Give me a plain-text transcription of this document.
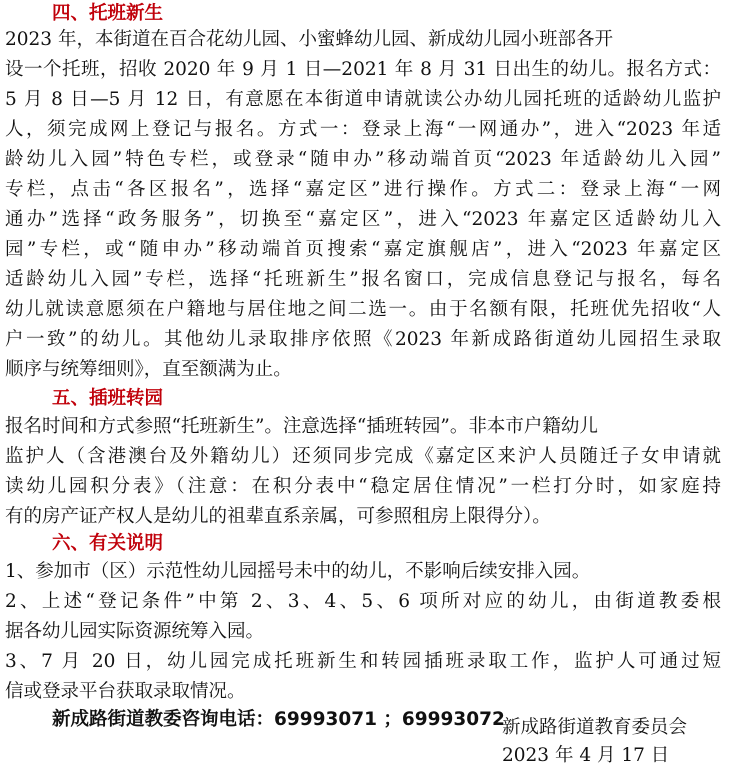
四、托班新生
2023 年，本街道在百合花幼儿园、小蜜蜂幼儿园、新成幼儿园小班部各开
设一个托班，招收 2020 年 9 月 1 日—2021 年 8 月 31 日出生的幼儿。报名方式：
5 月 8 日—5 月 12 日，有意愿在本街道申请就读公办幼儿园托班的适龄幼儿监护
人，须完成网上登记与报名。方式一：登录上海“一网通办”，进入“2023 年适
龄幼儿入园”特色专栏，或登录“随申办”移动端首页“2023 年适龄幼儿入园”
专栏，点击“各区报名”，选择“嘉定区”进行操作。方式二：登录上海“一网
通办”选择“政务服务”，切换至“嘉定区”，进入“2023 年嘉定区适龄幼儿入
园”专栏，或“随申办”移动端首页搜索“嘉定旗舰店”，进入“2023 年嘉定区
适龄幼儿入园”专栏，选择“托班新生”报名窗口，完成信息登记与报名，每名
幼儿就读意愿须在户籍地与居住地之间二选一。由于名额有限，托班优先招收“人
户一致”的幼儿。其他幼儿录取排序依照《2023 年新成路街道幼儿园招生录取
顺序与统筹细则》，直至额满为止。
五、插班转园
报名时间和方式参照“托班新生”。注意选择“插班转园”。非本市户籍幼儿
监护人（含港澳台及外籍幼儿）还须同步完成《嘉定区来沪人员随迁子女申请就
读幼儿园积分表》（注意：在积分表中“稳定居住情况”一栏打分时，如家庭持
有的房产证产权人是幼儿的祖辈直系亲属，可参照租房上限得分）。
六、有关说明
1、参加市（区）示范性幼儿园摇号未中的幼儿，不影响后续安排入园。
2、上述“登记条件”中第 2、3、4、5、6 项所对应的幼儿，由街道教委根
据各幼儿园实际资源统筹入园。
3、7 月 20 日，幼儿园完成托班新生和转园插班录取工作，监护人可通过短
信或登录平台获取录取情况。
新成路街道教委咨询电话：69993071 ；69993072
新成路街道教育委员会
2023 年 4 月 17 日
